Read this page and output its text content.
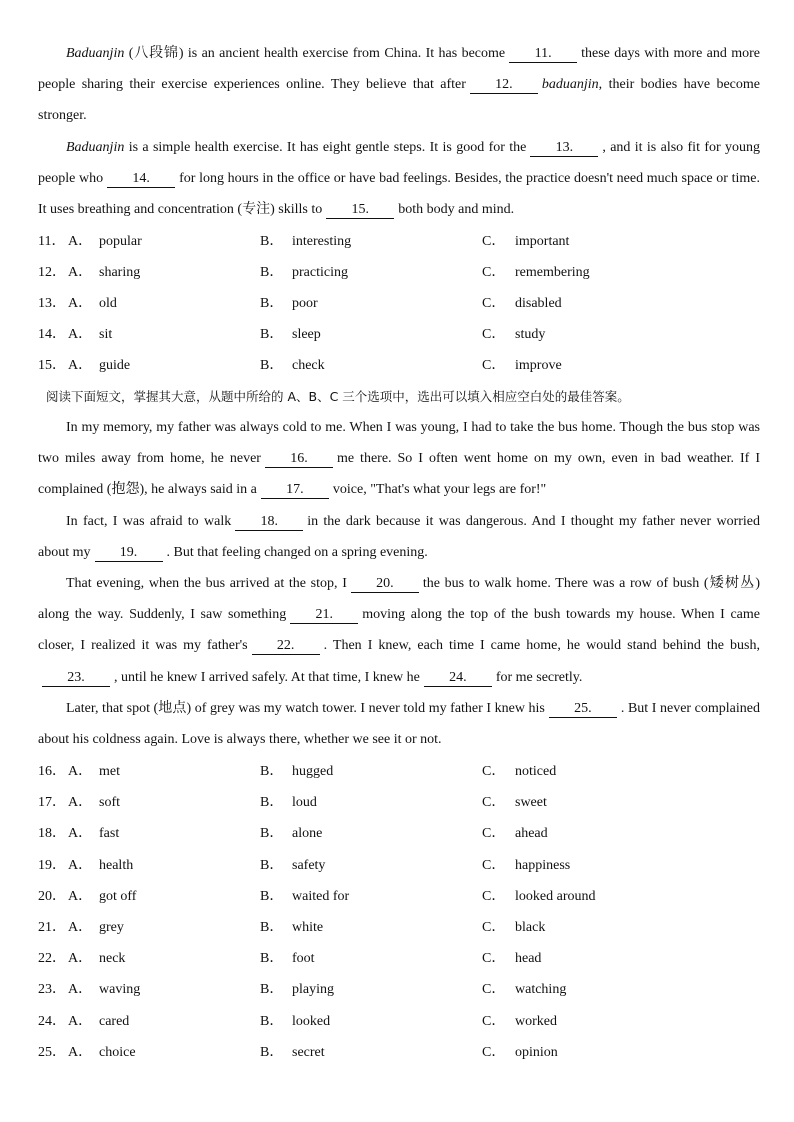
Baduanjin (八段锦) is an ancient health exercise from China. It has become 11. these days with more and more people sharing their exercise experiences online. They believe that after 12. baduanjin, their bodies have become stronger.

Baduanjin is a simple health exercise. It has eight gentle steps. It is good for the 13. , and it is also fit for young people who 14. for long hours in the office or have bad feelings. Besides, the practice doesn't need much space or time. It uses breathing and concentration (专注) skills to 15. both body and mind.

11． A． popular	B． interesting	C． important
12． A． sharing	B． practicing	C． remembering
13． A． old	B． poor	C． disabled
14． A． sit	B． sleep	C． study
15． A． guide	B． check	C． improve
阅读下面短文，掌握其大意，从题中所给的 A、B、C 三个选项中，选出可以填入相应空白处的最佳答案。

In my memory, my father was always cold to me. When I was young, I had to take the bus home. Though the bus stop was two miles away from home, he never 16. me there. So I often went home on my own, even in bad weather. If I complained (抱怨), he always said in a 17. voice, "That's what your legs are for!"

In fact, I was afraid to walk 18. in the dark because it was dangerous. And I thought my father never worried about my 19. . But that feeling changed on a spring evening.

That evening, when the bus arrived at the stop, I 20. the bus to walk home. There was a row of bush (矮树丛) along the way. Suddenly, I saw something 21. moving along the top of the bush towards my house. When I came closer, I realized it was my father's 22. . Then I knew, each time I came home, he would stand behind the bush,23. , until he knew I arrived safely. At that time, I knew he 24. for me secretly.

Later, that spot (地点) of grey was my watch tower. I never told my father I knew his 25. . But I never complained about his coldness again. Love is always there, whether we see it or not.

16． A． met	B． hugged	C． noticed
17． A． soft	B． loud	C． sweet
18． A． fast	B． alone	C． ahead
19． A． health	B． safety	C． happiness
20． A． got off	B． waited for	C． looked around
21． A． grey	B． white	C． black
22． A． neck	B． foot	C． head
23． A． waving	B． playing	C． watching
24． A． cared	B． looked	C． worked
25． A． choice	B． secret	C． opinion
